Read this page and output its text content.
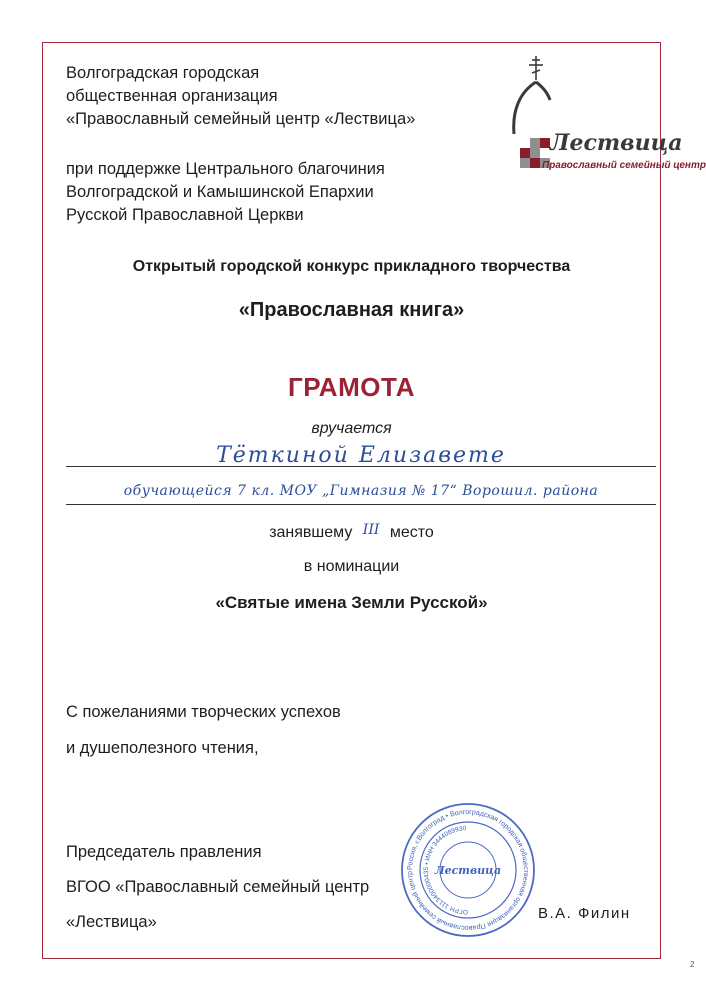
Волгоградская городская
общественная организация
«Православный семейный центр «Лествица»
при поддержке Центрального благочиния
Волгоградской и Камышинской Епархии
Русской Православной Церкви
Лествица
Православный семейный центр
Открытый городской конкурс прикладного творчества
«Православная книга»
ГРАМОТА
вручается
Тёткиной Елизавете
обучающейся 7 кл. МОУ „Гимназия № 17“ Ворошил. района
занявшему III место
в номинации
«Святые имена Земли Русской»
С пожеланиями творческих успехов
и душеполезного чтения,
Председатель правления
ВГОО «Православный семейный центр
«Лествица»	В.А. Филин
Россия, г.Волгоград • Волгоградская городская общественная организация Православный семейный центр
ОГРН 1113400000435 • ИНН 3444089930
Лествица
2
